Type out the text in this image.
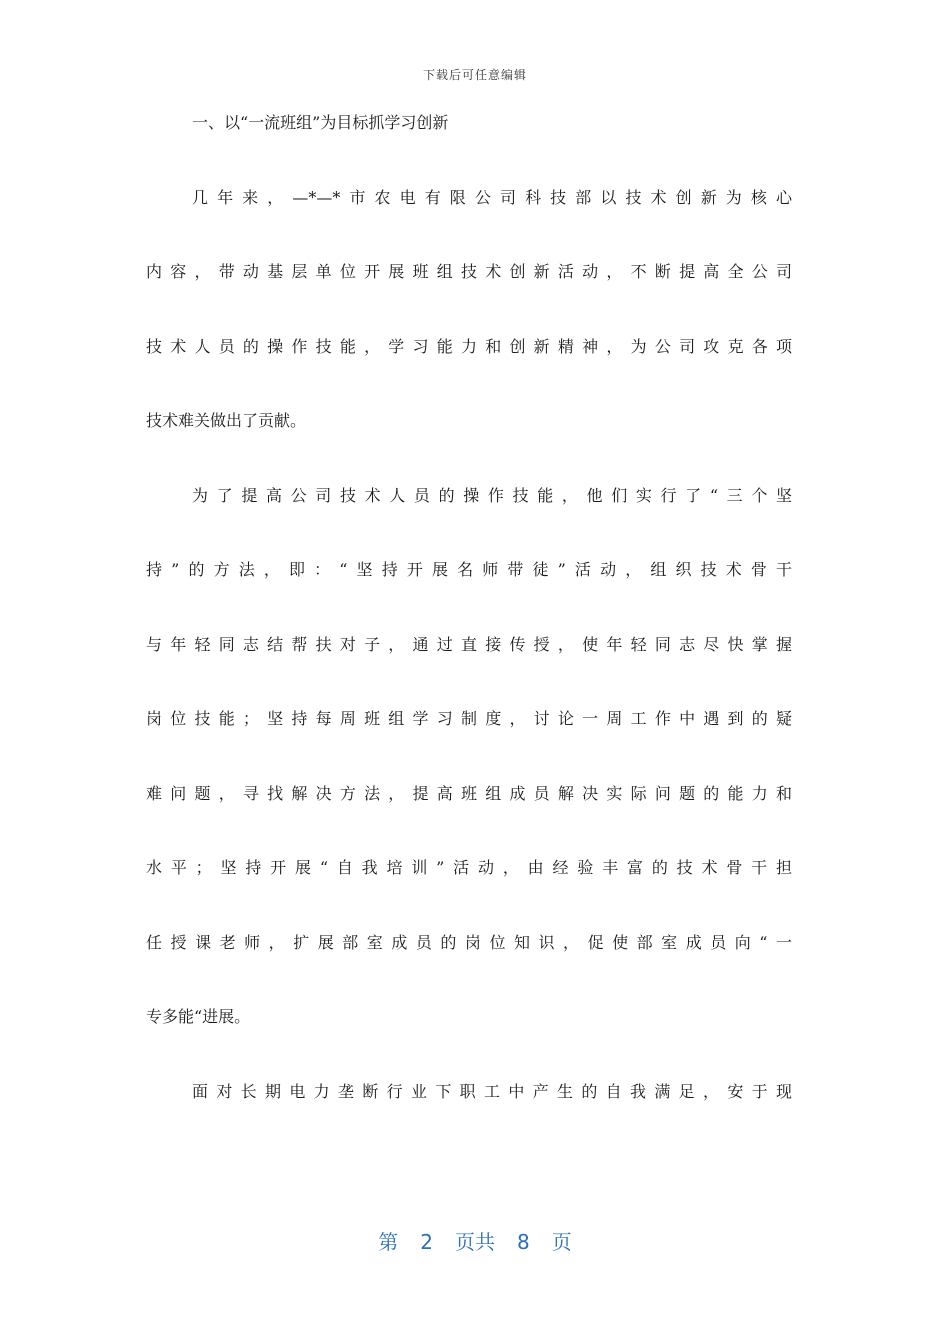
下载后可任意编辑
一、以“一流班组”为目标抓学习创新
几年来，—*—*市农电有限公司科技部以技术创新为核心
内容，带动基层单位开展班组技术创新活动，不断提高全公司
技术人员的操作技能，学习能力和创新精神，为公司攻克各项
技术难关做出了贡献。
为了提高公司技术人员的操作技能，他们实行了“三个坚
持”的方法，即：“坚持开展名师带徒”活动，组织技术骨干
与年轻同志结帮扶对子，通过直接传授，使年轻同志尽快掌握
岗位技能；坚持每周班组学习制度，讨论一周工作中遇到的疑
难问题，寻找解决方法，提高班组成员解决实际问题的能力和
水平；坚持开展“自我培训”活动，由经验丰富的技术骨干担
任授课老师，扩展部室成员的岗位知识，促使部室成员向“一
专多能“进展。
面对长期电力垄断行业下职工中产生的自我满足，安于现
第 2 页共 8 页
